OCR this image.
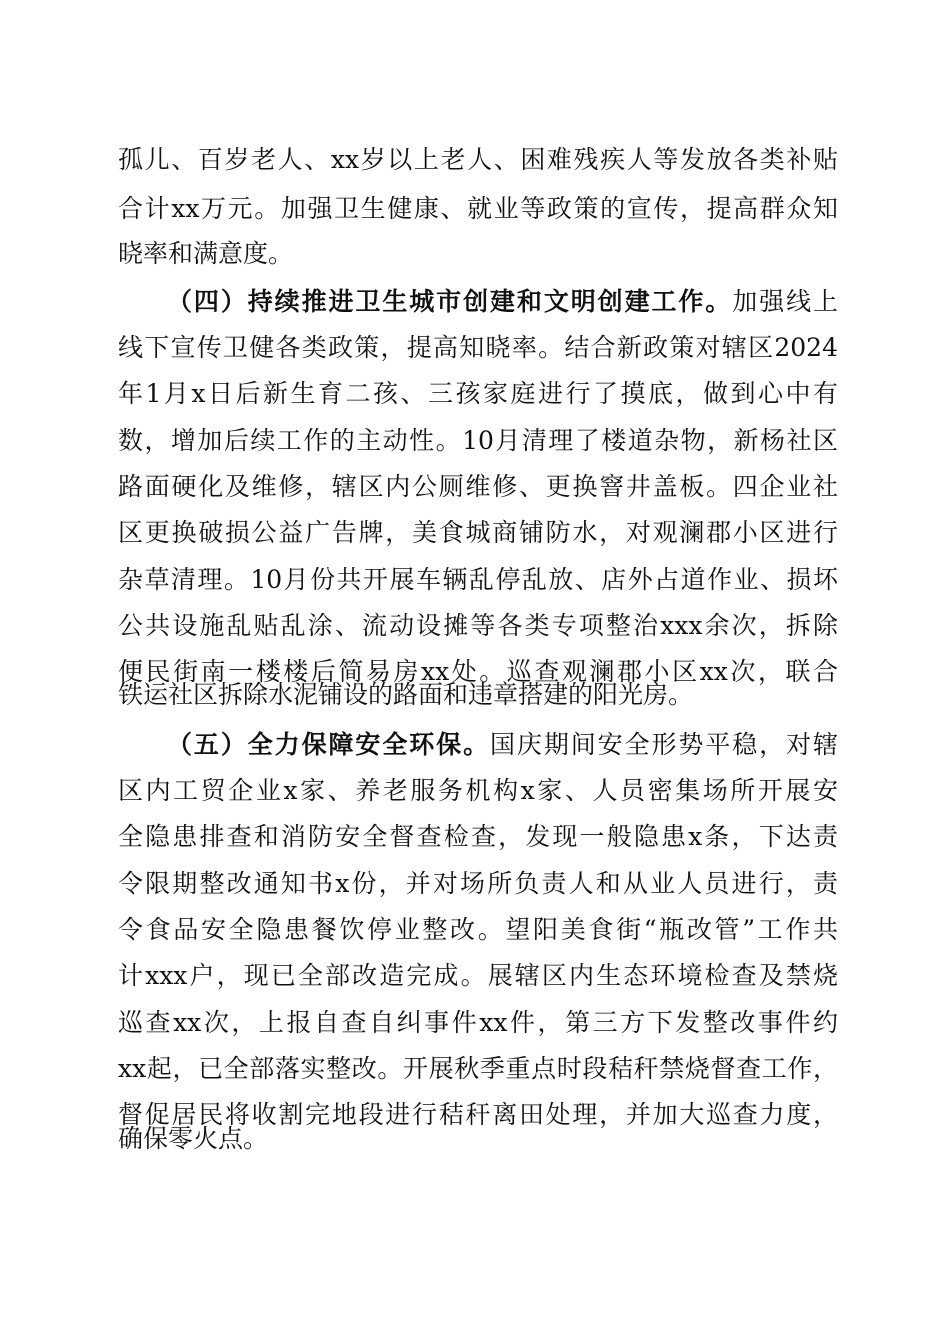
孤儿、百岁老人、xx岁以上老人、困难残疾人等发放各类补贴
合计xx万元。加强卫生健康、就业等政策的宣传，提高群众知
晓率和满意度。
（四）持续推进卫生城市创建和文明创建工作。加强线上
线下宣传卫健各类政策，提高知晓率。结合新政策对辖区2024
年1月x日后新生育二孩、三孩家庭进行了摸底，做到心中有
数，增加后续工作的主动性。10月清理了楼道杂物，新杨社区
路面硬化及维修，辖区内公厕维修、更换窨井盖板。四企业社
区更换破损公益广告牌，美食城商铺防水，对观澜郡小区进行
杂草清理。10月份共开展车辆乱停乱放、店外占道作业、损坏
公共设施乱贴乱涂、流动设摊等各类专项整治xxx余次，拆除
便民街南一楼楼后简易房xx处。巡查观澜郡小区xx次，联合
铁运社区拆除水泥铺设的路面和违章搭建的阳光房。
（五）全力保障安全环保。国庆期间安全形势平稳，对辖
区内工贸企业x家、养老服务机构x家、人员密集场所开展安
全隐患排查和消防安全督查检查，发现一般隐患x条，下达责
令限期整改通知书x份，并对场所负责人和从业人员进行，责
令食品安全隐患餐饮停业整改。望阳美食街“瓶改管”工作共
计xxx户，现已全部改造完成。展辖区内生态环境检查及禁烧
巡查xx次，上报自查自纠事件xx件，第三方下发整改事件约
xx起，已全部落实整改。开展秋季重点时段秸秆禁烧督查工作，
督促居民将收割完地段进行秸秆离田处理，并加大巡查力度，
确保零火点。
